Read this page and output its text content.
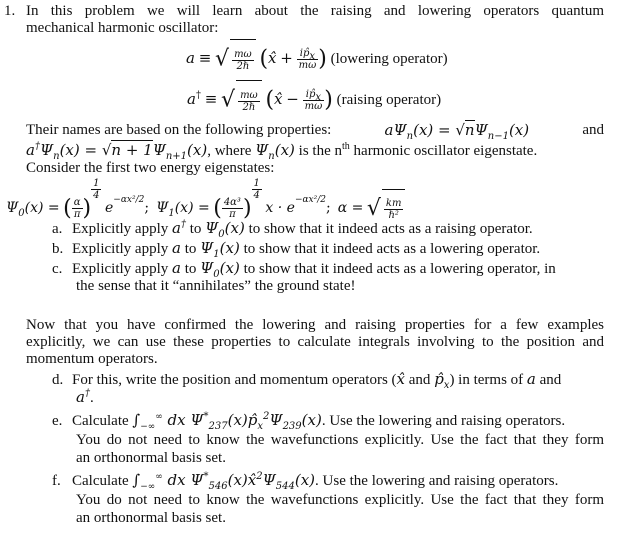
1. In this problem we will learn about the raising and lowering operators quantum
mechanical harmonic oscillator:
a ≡ √ $\frac{m\omega}{\text{2ℏ}}$ (x̂ + $\frac{ip̂_x}{m\omega}$ ) (lowering operator)
a† ≡ √ $\frac{m\omega}{\text{2ℏ}}$ (x̂ − $\frac{ip̂_x}{m\omega}$ ) (raising operator)
Their names are based on the following properties:	$a\Psi_n(x) = √n\Psi_{n-1}(x)$	and
$a^\dagger\Psi_n(x) = √n + 1\Psi_{n+1}(x)$, where $\Psi_n(x)$ is the $n^{th}$ harmonic oscillator eigenstate.
Consider the first two energy eigenstates:
$\Psi_0(x)$ = ( $\frac{\alpha}{\pi}$ )
$^{\frac{1}{4}}$
$e^{-\alpha x^2/2}$; $\Psi_1(x)$ = ( $\frac{\text{4α³}}{\pi}$ )
$^{\frac{1}{4}}$
$x \cdot e^{-\alpha x^2/2}$; α = √ $\frac{km}{\text{ℏ²}}$
a. Explicitly apply a† to $\Psi_0(x)$ to show that it indeed acts as a raising operator.
b. Explicitly apply a to $\Psi_1(x)$ to show that it indeed acts as a lowering operator.
c. Explicitly apply a to $\Psi_0(x)$ to show that it indeed acts as a lowering operator, in
the sense that it “annihilates” the ground state!
Now that you have confirmed the lowering and raising properties for a few examples
explicitly, we can use these properties to calculate integrals involving to the position and
momentum operators.
d. For this, write the position and momentum operators (x̂ and $p̂_x$) in terms of a and
a†.
e. Calculate $\int_{-\infty}^\infty$ dx $\Psi^*_{237}(x)p̂_x^2\Psi_{239}(x)$. Use the lowering and raising operators.
You do not need to know the wavefunctions explicitly. Use the fact that they form
an orthonormal basis set.
f. Calculate $\int_{-\infty}^\infty$ dx $\Psi^*_{546}(x)x̂^2\Psi_{544}(x)$. Use the lowering and raising operators.
You do not need to know the wavefunctions explicitly. Use the fact that they form
an orthonormal basis set.
